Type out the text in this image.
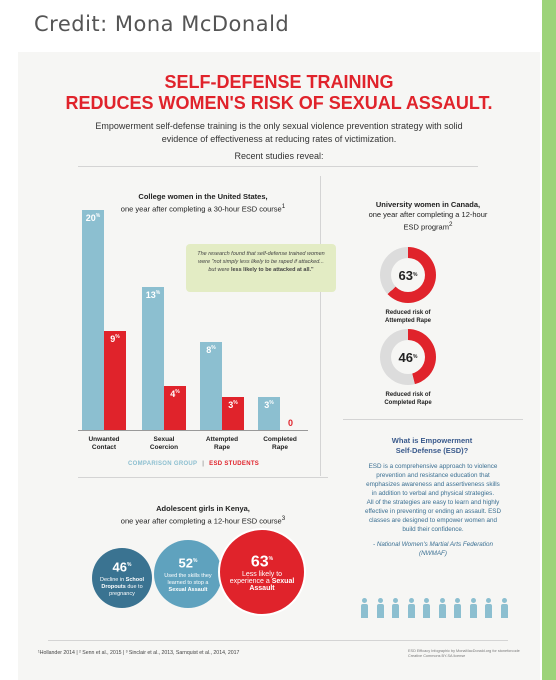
Credit: Mona McDonald
SELF-DEFENSE TRAINING
REDUCES WOMEN'S RISK OF SEXUAL ASSAULT.
Empowerment self-defense training is the only sexual violence prevention strategy with solid evidence of effectiveness at reducing rates of victimization.
Recent studies reveal:
College women in the United States,
one year after completing a 30-hour ESD course$^1$
20%
9%
Unwanted
Contact
13%
4%
Sexual
Coercion
8%
3%
Attempted
Rape
3%
0
Completed
Rape
The research found that self-defense trained women were "not simply less likely to be raped if attacked... but were less likely to be attacked at all."
COMPARISON GROUP | ESD STUDENTS
University women in Canada,
one year after completing a 12-hour
ESD program$^2$
63 %
Reduced risk of
Attempted Rape
46 %
Reduced risk of
Completed Rape
What is Empowerment
Self-Defense (ESD)?
ESD is a comprehensive approach to violence prevention and resistance education that emphasizes awareness and assertiveness skills in addition to verbal and physical strategies.
All of the strategies are easy to learn and highly effective in preventing or ending an assault. ESD classes are designed to empower women and build their confidence.
- National Women's Martial Arts Federation (NWMAF)
Adolescent girls in Kenya,
one year after completing a 12-hour ESD course$^3$
46%
Decline in School Dropouts due to pregnancy
52%
Used the skills they learned to stop a Sexual Assault
63%
Less likely to experience a Sexual Assault
¹Hollander 2014 | ² Senn et al., 2015 | ³ Sinclair et al., 2013, Sarnquist et al., 2014, 2017	ESD Efficacy Infographic by MonaMacDonald.org for stoneforcode Creative Commons BY-SA license
